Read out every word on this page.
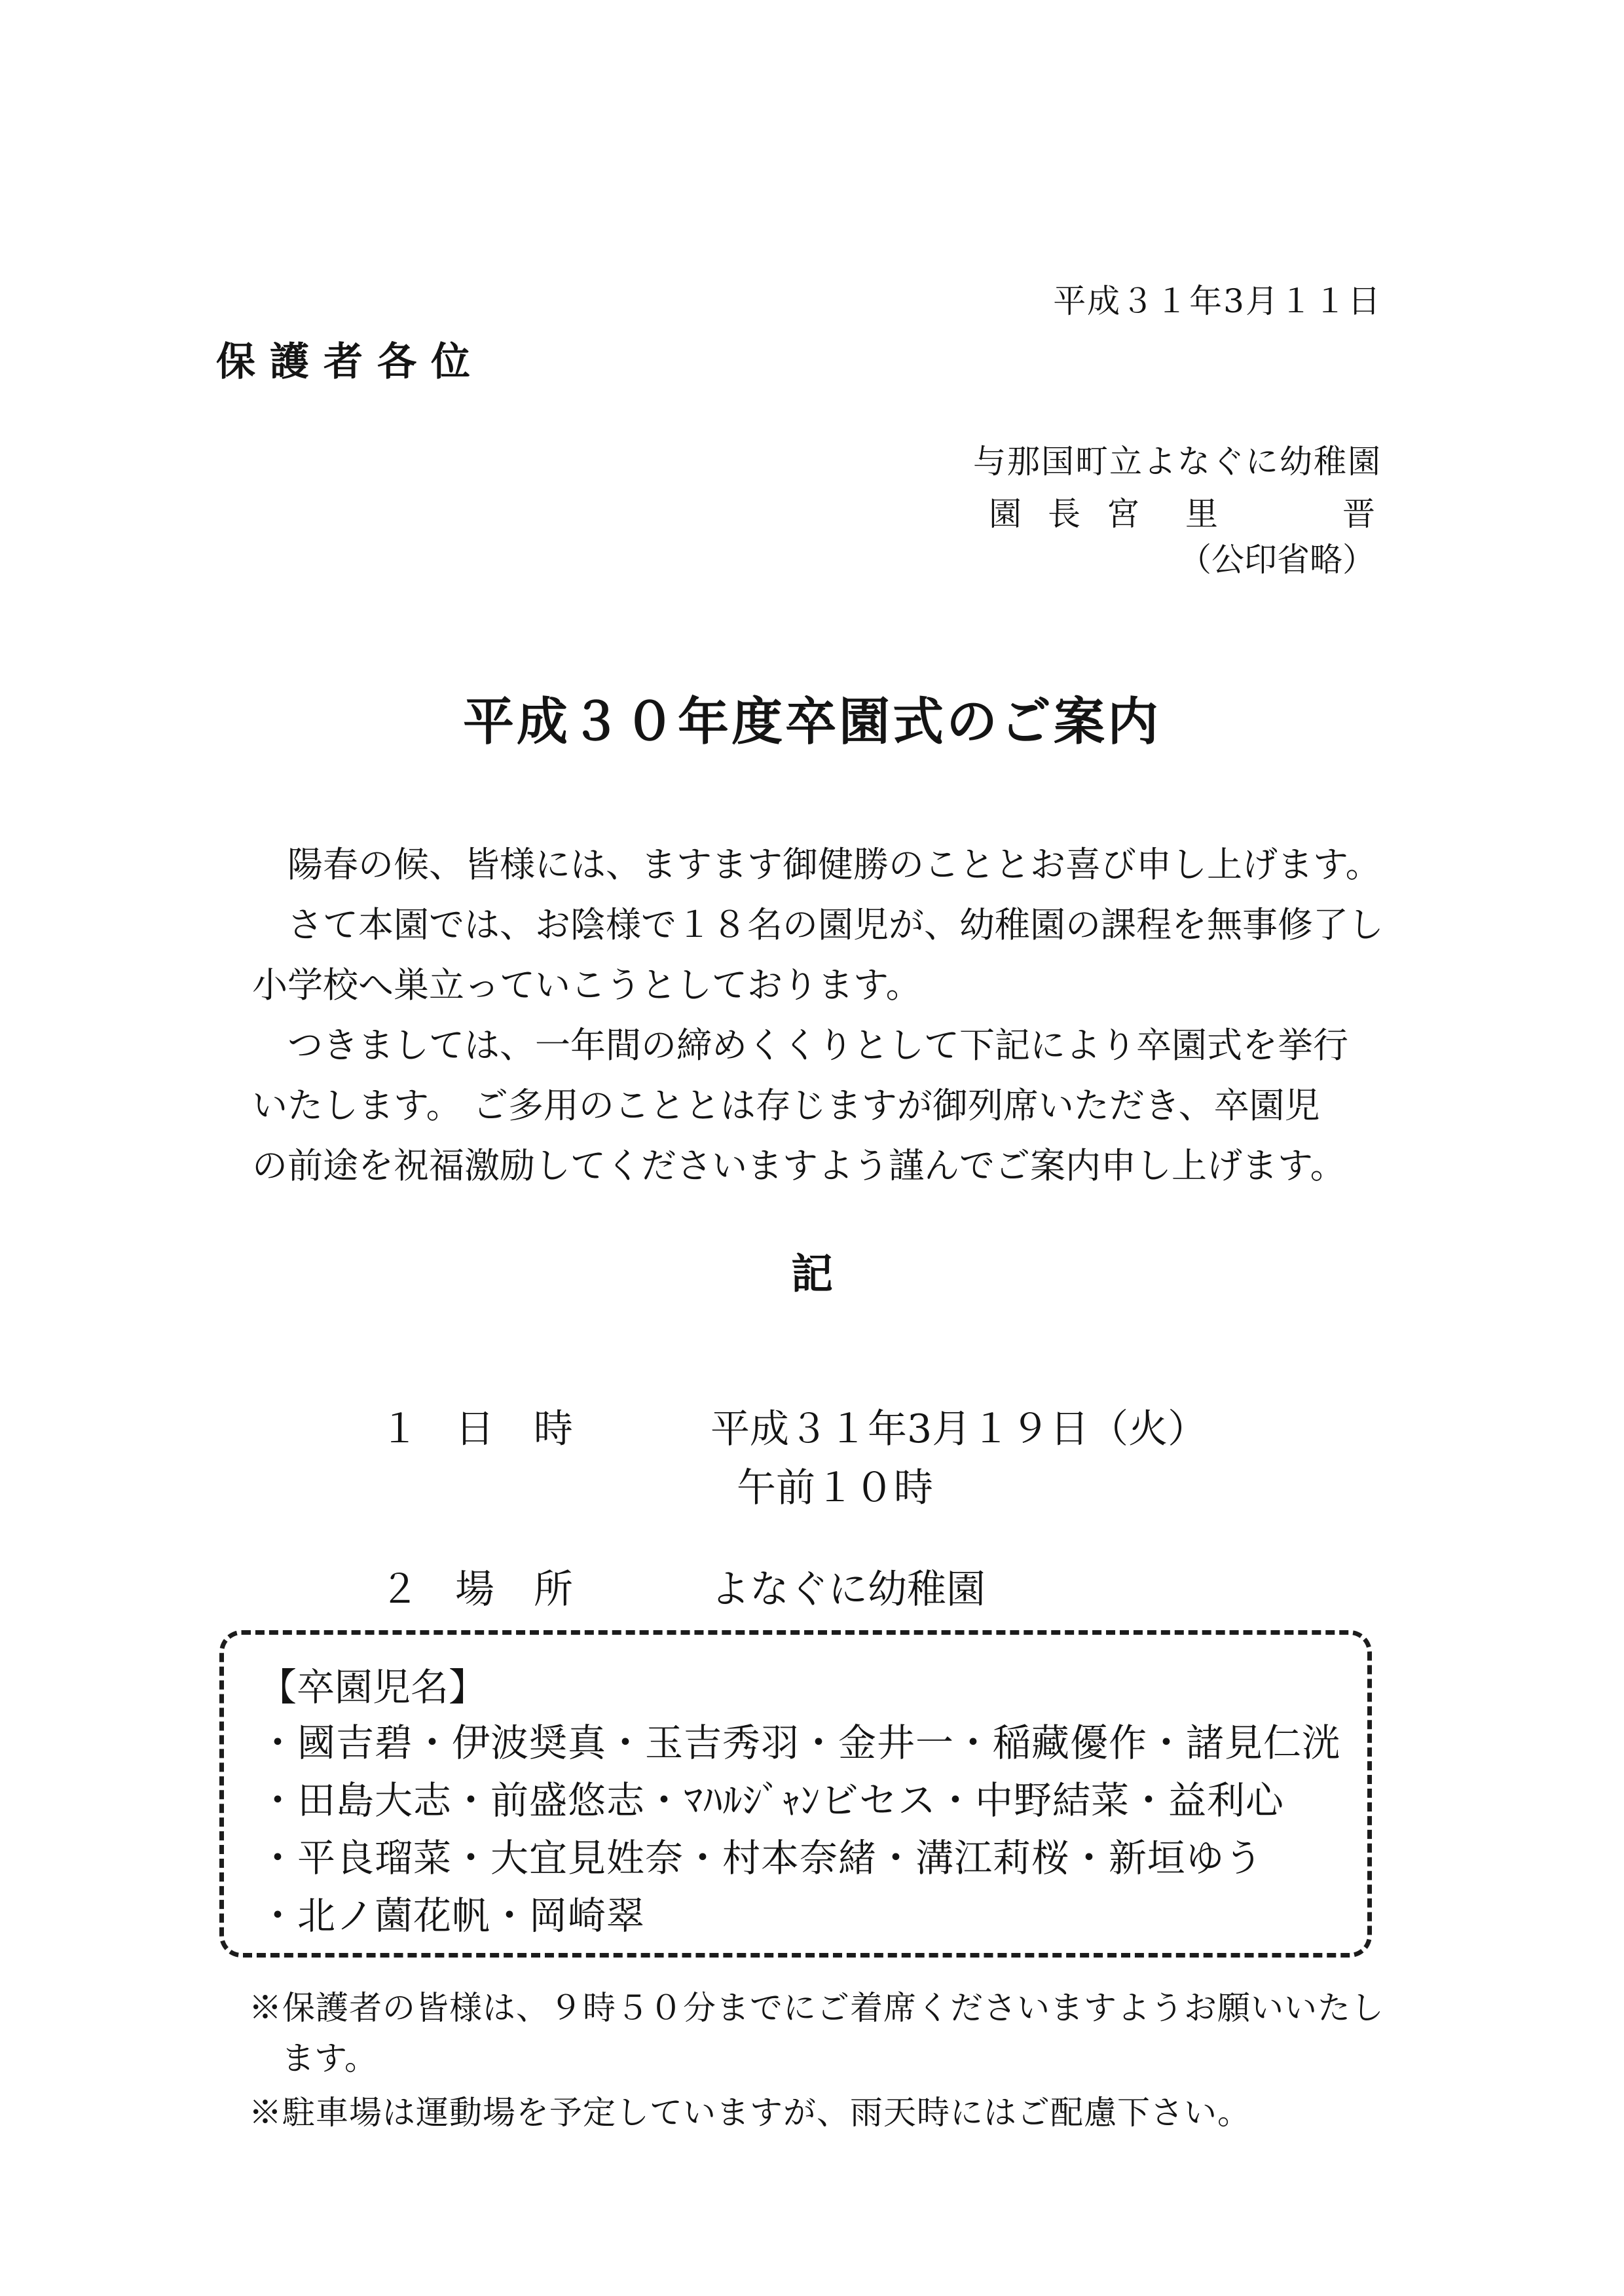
平成３１年3月１１日
保護者各位
与那国町立よなぐに幼稚園
園長 宮里　晋
（公印省略）
平成３０年度卒園式のご案内

　陽春の候、皆様には、ますます御健勝のこととお喜び申し上げます。

　さて本園では、お陰様で１８名の園児が、幼稚園の課程を無事修了し

小学校へ巣立っていこうとしております。

　つきましては、一年間の締めくくりとして下記により卒園式を挙行

いたします。 ご多用のこととは存じますが御列席いただき、卒園児

の前途を祝福激励してくださいますよう謹んでご案内申し上げます。

記
１ 日時	平成３１年3月１９日（火）
午前１０時
２ 場所	よなぐに幼稚園
【卒園児名】
・國吉碧・伊波奨真・玉吉秀羽・金井一・稲藏優作・諸見仁洸
・田島大志・前盛悠志・ﾏﾊﾙｼﾞｬﾝビセス・中野結菜・益利心
・平良瑠菜・大宜見姓奈・村本奈緒・溝江莉桜・新垣ゆう
・北ノ薗花帆・岡崎翠
※保護者の皆様は、９時５０分までにご着席くださいますようお願いいたし
ます。
※駐車場は運動場を予定していますが、雨天時にはご配慮下さい。
